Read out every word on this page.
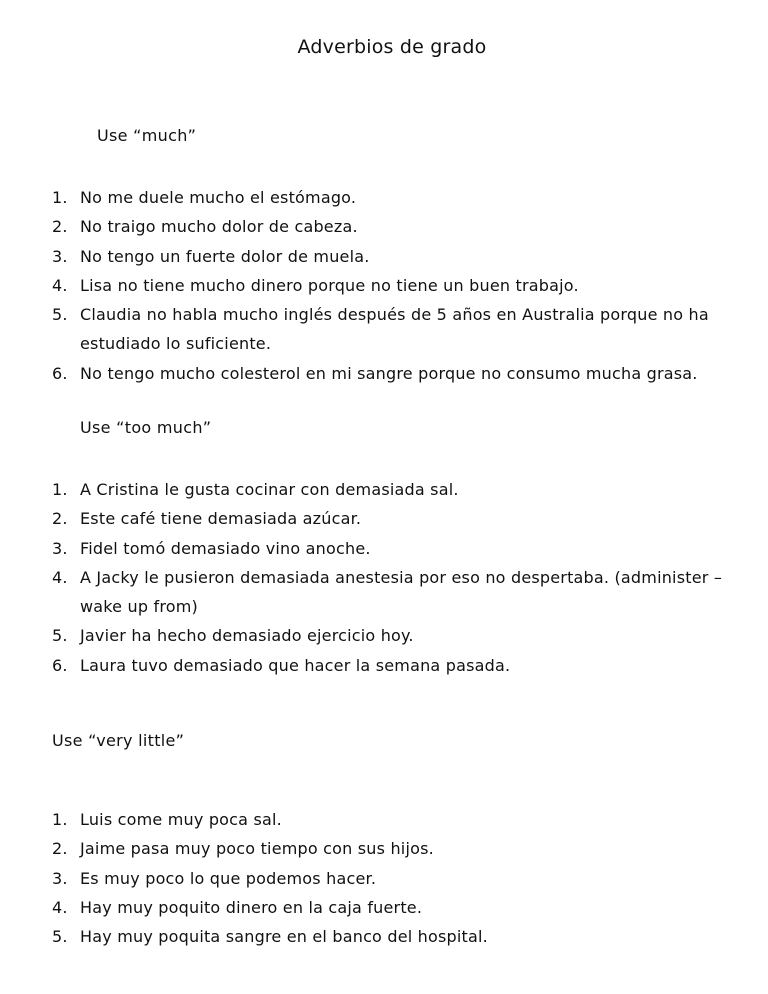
Adverbios de grado
Use “much”
1. No me duele mucho el estómago.
2. No traigo mucho dolor de cabeza.
3. No tengo un fuerte dolor de muela.
4. Lisa no tiene mucho dinero porque no tiene un buen trabajo.
5. Claudia no habla mucho inglés después de 5 años en Australia porque no ha estudiado lo suficiente.
6. No tengo mucho colesterol en mi sangre porque no consumo mucha grasa.
Use “too much”
1. A Cristina le gusta cocinar con demasiada sal.
2. Este café tiene demasiada azúcar.
3. Fidel tomó demasiado vino anoche.
4. A Jacky le pusieron demasiada anestesia por eso no despertaba. (administer – wake up from)
5. Javier ha hecho demasiado ejercicio hoy.
6. Laura tuvo demasiado que hacer la semana pasada.
Use “very little”
1. Luis come muy poca sal.
2. Jaime pasa muy poco tiempo con sus hijos.
3. Es muy poco lo que podemos hacer.
4. Hay muy poquito dinero en la caja fuerte.
5. Hay muy poquita sangre en el banco del hospital.
